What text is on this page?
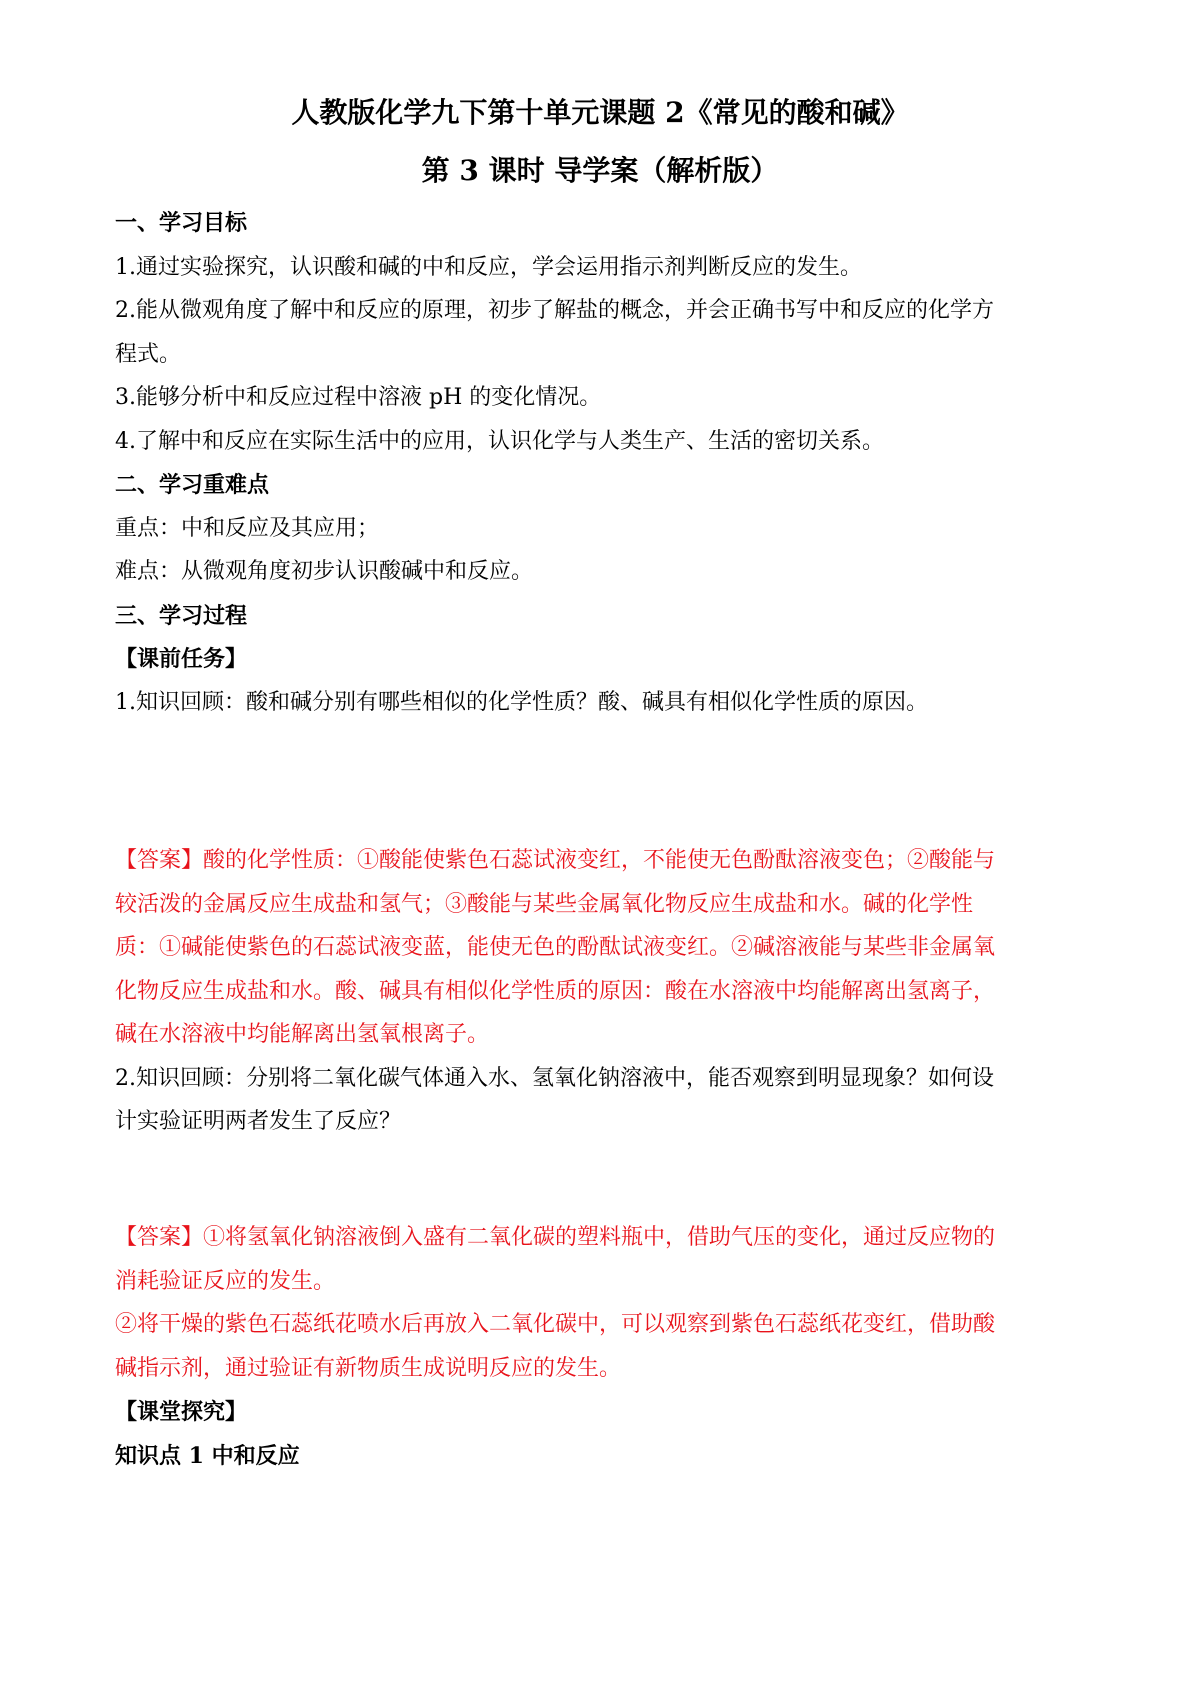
人教版化学九下第十单元课题 2《常见的酸和碱》
第 3 课时 导学案（解析版）
一、学习目标
1.通过实验探究，认识酸和碱的中和反应，学会运用指示剂判断反应的发生。
2.能从微观角度了解中和反应的原理，初步了解盐的概念，并会正确书写中和反应的化学方
程式。
3.能够分析中和反应过程中溶液 pH 的变化情况。
4.了解中和反应在实际生活中的应用，认识化学与人类生产、生活的密切关系。
二、学习重难点
重点：中和反应及其应用；
难点：从微观角度初步认识酸碱中和反应。
三、学习过程
【课前任务】
1.知识回顾：酸和碱分别有哪些相似的化学性质？酸、碱具有相似化学性质的原因。
【答案】酸的化学性质：①酸能使紫色石蕊试液变红，不能使无色酚酞溶液变色；②酸能与
较活泼的金属反应生成盐和氢气；③酸能与某些金属氧化物反应生成盐和水。碱的化学性
质：①碱能使紫色的石蕊试液变蓝，能使无色的酚酞试液变红。②碱溶液能与某些非金属氧
化物反应生成盐和水。酸、碱具有相似化学性质的原因：酸在水溶液中均能解离出氢离子，
碱在水溶液中均能解离出氢氧根离子。
2.知识回顾：分别将二氧化碳气体通入水、氢氧化钠溶液中，能否观察到明显现象？如何设
计实验证明两者发生了反应？
【答案】①将氢氧化钠溶液倒入盛有二氧化碳的塑料瓶中，借助气压的变化，通过反应物的
消耗验证反应的发生。
②将干燥的紫色石蕊纸花喷水后再放入二氧化碳中，可以观察到紫色石蕊纸花变红，借助酸
碱指示剂，通过验证有新物质生成说明反应的发生。
【课堂探究】
知识点 1 中和反应
